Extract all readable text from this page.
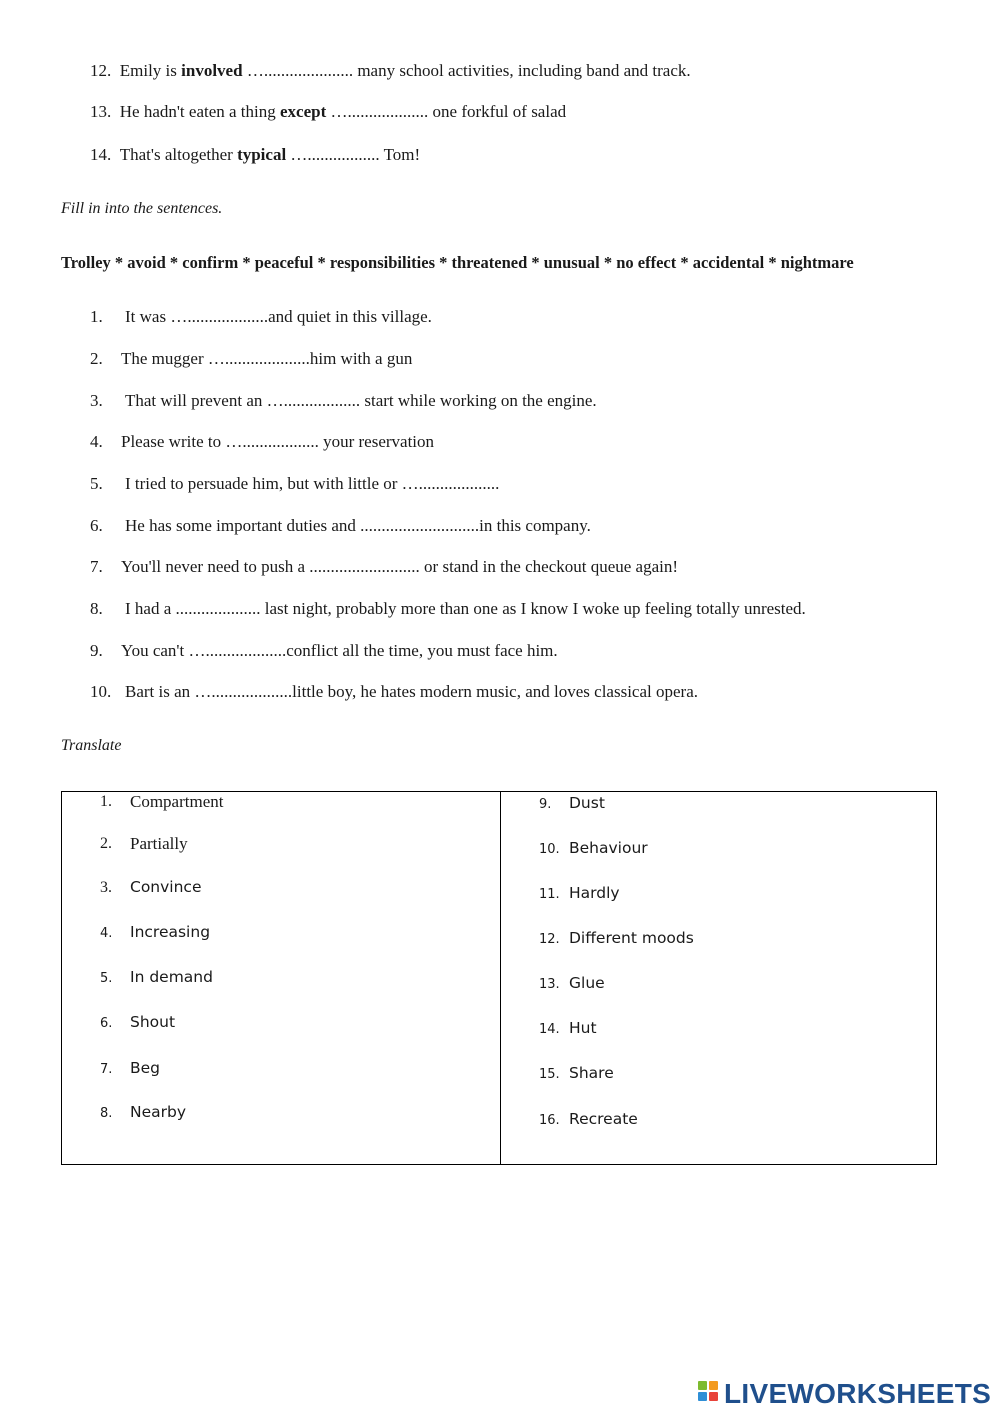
12. Emily is involved …..................... many school activities, including band and track.
13. He hadn't eaten a thing except …................... one forkful of salad
14. That's altogether typical …................. Tom!
Fill in into the sentences.
Trolley * avoid * confirm * peaceful * responsibilities * threatened * unusual * no effect * accidental * nightmare
1. It was …...................and quiet in this village.
2. The mugger …....................him with a gun
3. That will prevent an ….................. start while working on the engine.
4. Please write to ….................. your reservation
5. I tried to persuade him, but with little or …...................
6. He has some important duties and ............................in this company.
7. You'll never need to push a .......................... or stand in the checkout queue again!
8. I had a .................... last night, probably more than one as I know I woke up feeling totally unrested.
9. You can't …...................conflict all the time, you must face him.
10. Bart is an …...................little boy, he hates modern music, and loves classical opera.
Translate
1.	Compartment
2.	Partially
3.	Convince
4.	Increasing
5.	In demand
6.	Shout
7.	Beg
8.	Nearby
9.	Dust
10. Behaviour
11. Hardly
12. Different moods
13. Glue
14. Hut
15. Share
16. Recreate
LIVEWORKSHEETS
